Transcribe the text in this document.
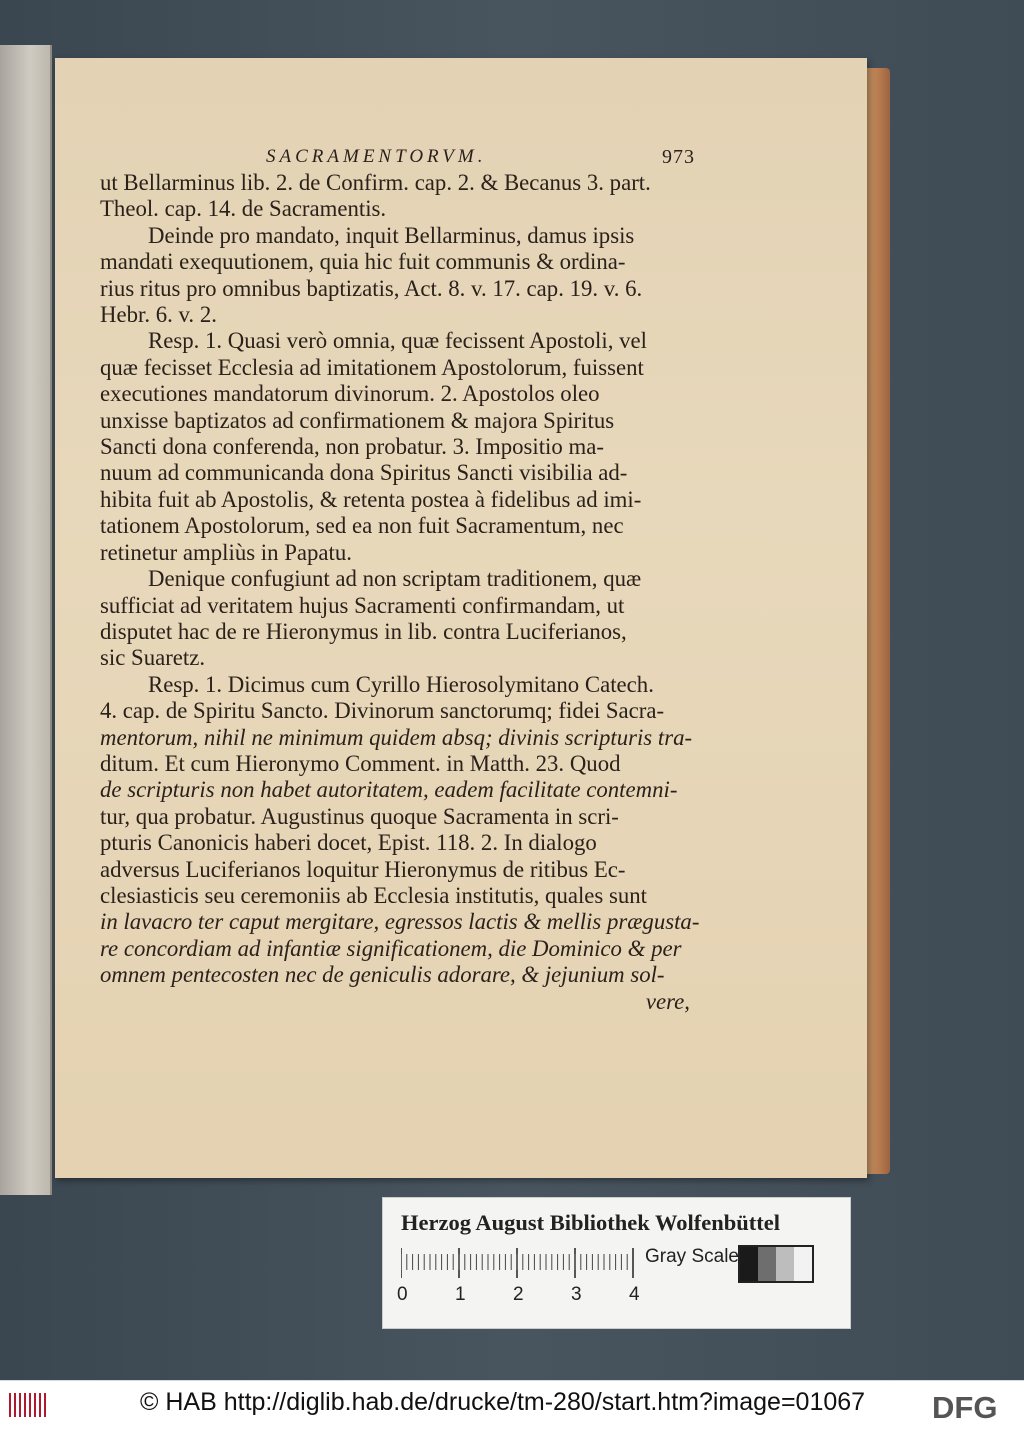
SACRAMENTORVM.	973
ut Bellarminus lib. 2. de Confirm. cap. 2. & Becanus 3. part.
Theol. cap. 14. de Sacramentis.
Deinde pro mandato, inquit Bellarminus, damus ipsis
mandati exequutionem, quia hic fuit communis & ordina-
rius ritus pro omnibus baptizatis, Act. 8. v. 17. cap. 19. v. 6.
Hebr. 6. v. 2.
Resp. 1. Quasi verò omnia, quæ fecissent Apostoli, vel
quæ fecisset Ecclesia ad imitationem Apostolorum, fuissent
executiones mandatorum divinorum. 2. Apostolos oleo
unxisse baptizatos ad confirmationem & majora Spiritus
Sancti dona conferenda, non probatur. 3. Impositio ma-
nuum ad communicanda dona Spiritus Sancti visibilia ad-
hibita fuit ab Apostolis, & retenta postea à fidelibus ad imi-
tationem Apostolorum, sed ea non fuit Sacramentum, nec
retinetur ampliùs in Papatu.
Denique confugiunt ad non scriptam traditionem, quæ
sufficiat ad veritatem hujus Sacramenti confirmandam, ut
disputet hac de re Hieronymus in lib. contra Luciferianos,
sic Suaretz.
Resp. 1. Dicimus cum Cyrillo Hierosolymitano Catech.
4. cap. de Spiritu Sancto. Divinorum sanctorumq; fidei Sacra-
mentorum, nihil ne minimum quidem absq; divinis scripturis tra-
ditum. Et cum Hieronymo Comment. in Matth. 23. Quod
de scripturis non habet autoritatem, eadem facilitate contemni-
tur, qua probatur. Augustinus quoque Sacramenta in scri-
pturis Canonicis haberi docet, Epist. 118. 2. In dialogo
adversus Luciferianos loquitur Hieronymus de ritibus Ec-
clesiasticis seu ceremoniis ab Ecclesia institutis, quales sunt
in lavacro ter caput mergitare, egressos lactis & mellis prægusta-
re concordiam ad infantiæ significationem, die Dominico & per
omnem pentecosten nec de geniculis adorare, & jejunium sol-
vere,
Herzog August Bibliothek Wolfenbüttel
Gray Scale
0 1 2 3 4
© HAB http://diglib.hab.de/drucke/tm-280/start.htm?image=01067 DFG
